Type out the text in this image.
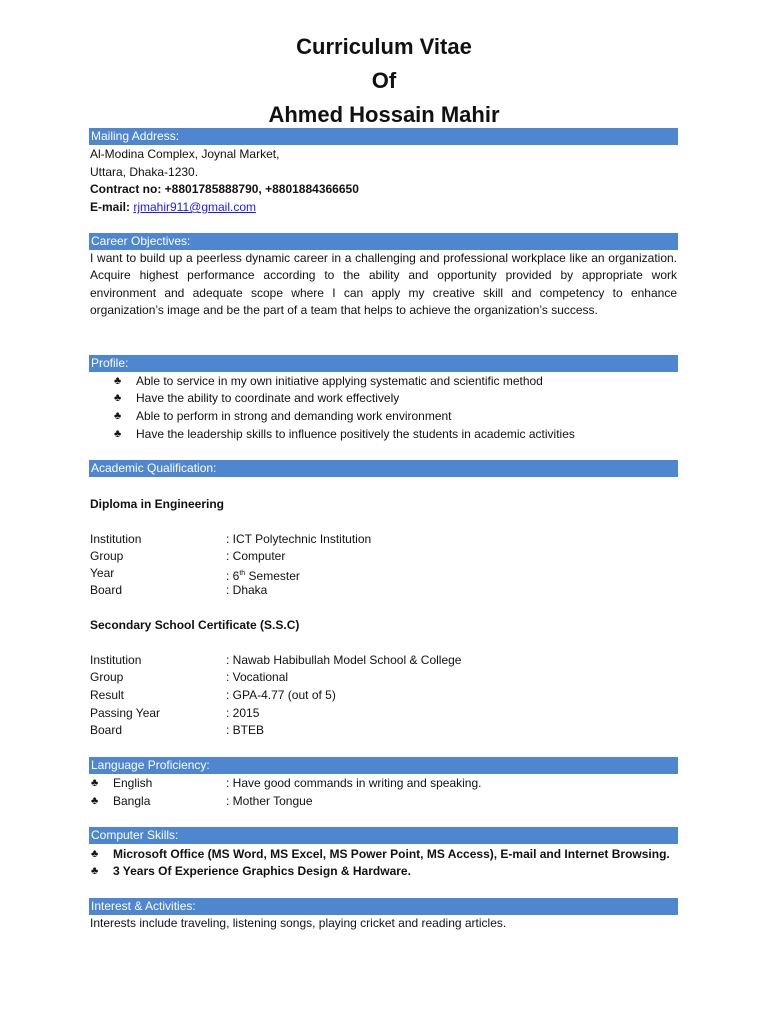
Curriculum Vitae
Of
Ahmed Hossain Mahir
Mailing Address:
Al-Modina Complex, Joynal Market,
Uttara, Dhaka-1230.
Contract no: +8801785888790, +8801884366650
E-mail: rjmahir911@gmail.com
Career Objectives:

I want to build up a peerless dynamic career in a challenging and professional workplace like an organization. Acquire highest performance according to the ability and opportunity provided by appropriate work environment and adequate scope where I can apply my creative skill and competency to enhance organization’s image and be the part of a team that helps to achieve the organization’s success.

Profile:
♣ Able to service in my own initiative applying systematic and scientific method
♣ Have the ability to coordinate and work effectively
♣ Able to perform in strong and demanding work environment
♣ Have the leadership skills to influence positively the students in academic activities
Academic Qualification:
Diploma in Engineering
Institution	: ICT Polytechnic Institution
Group	: Computer
Year	: 6th Semester
Board	: Dhaka
Secondary School Certificate (S.S.C)
Institution	: Nawab Habibullah Model School & College
Group	: Vocational
Result	: GPA-4.77 (out of 5)
Passing Year	: 2015
Board	: BTEB
Language Proficiency:
♣ English	: Have good commands in writing and speaking.
♣ Bangla	: Mother Tongue
Computer Skills:
♣ Microsoft Office (MS Word, MS Excel, MS Power Point, MS Access), E-mail and Internet Browsing.
♣ 3 Years Of Experience Graphics Design & Hardware.
Interest & Activities:
Interests include traveling, listening songs, playing cricket and reading articles.
